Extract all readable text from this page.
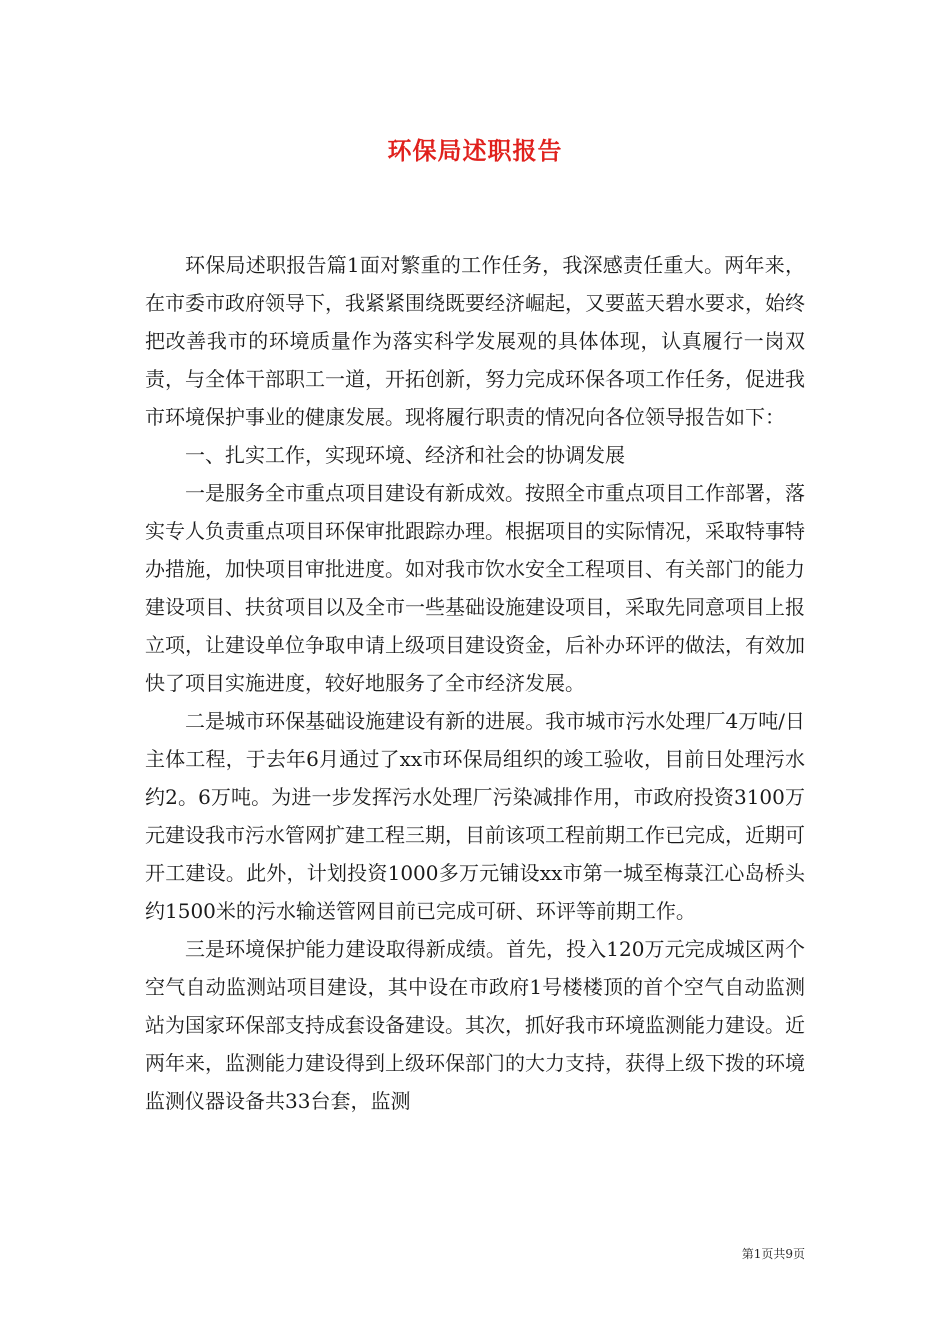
环保局述职报告

环保局述职报告篇1面对繁重的工作任务，我深感责任重大。两年来，在市委市政府领导下，我紧紧围绕既要经济崛起，又要蓝天碧水要求，始终把改善我市的环境质量作为落实科学发展观的具体体现，认真履行一岗双责，与全体干部职工一道，开拓创新，努力完成环保各项工作任务，促进我市环境保护事业的健康发展。现将履行职责的情况向各位领导报告如下：

一、扎实工作，实现环境、经济和社会的协调发展

一是服务全市重点项目建设有新成效。按照全市重点项目工作部署，落实专人负责重点项目环保审批跟踪办理。根据项目的实际情况，采取特事特办措施，加快项目审批进度。如对我市饮水安全工程项目、有关部门的能力建设项目、扶贫项目以及全市一些基础设施建设项目，采取先同意项目上报立项，让建设单位争取申请上级项目建设资金，后补办环评的做法，有效加快了项目实施进度，较好地服务了全市经济发展。

二是城市环保基础设施建设有新的进展。我市城市污水处理厂4万吨/日主体工程，于去年6月通过了xx市环保局组织的竣工验收，目前日处理污水约2。6万吨。为进一步发挥污水处理厂污染减排作用，市政府投资3100万元建设我市污水管网扩建工程三期，目前该项工程前期工作已完成，近期可开工建设。此外，计划投资1000多万元铺设xx市第一城至梅菉江心岛桥头约1500米的污水输送管网目前已完成可研、环评等前期工作。

三是环境保护能力建设取得新成绩。首先，投入120万元完成城区两个空气自动监测站项目建设，其中设在市政府1号楼楼顶的首个空气自动监测站为国家环保部支持成套设备建设。其次，抓好我市环境监测能力建设。近两年来，监测能力建设得到上级环保部门的大力支持，获得上级下拨的环境监测仪器设备共33台套，监测

第1页共9页
